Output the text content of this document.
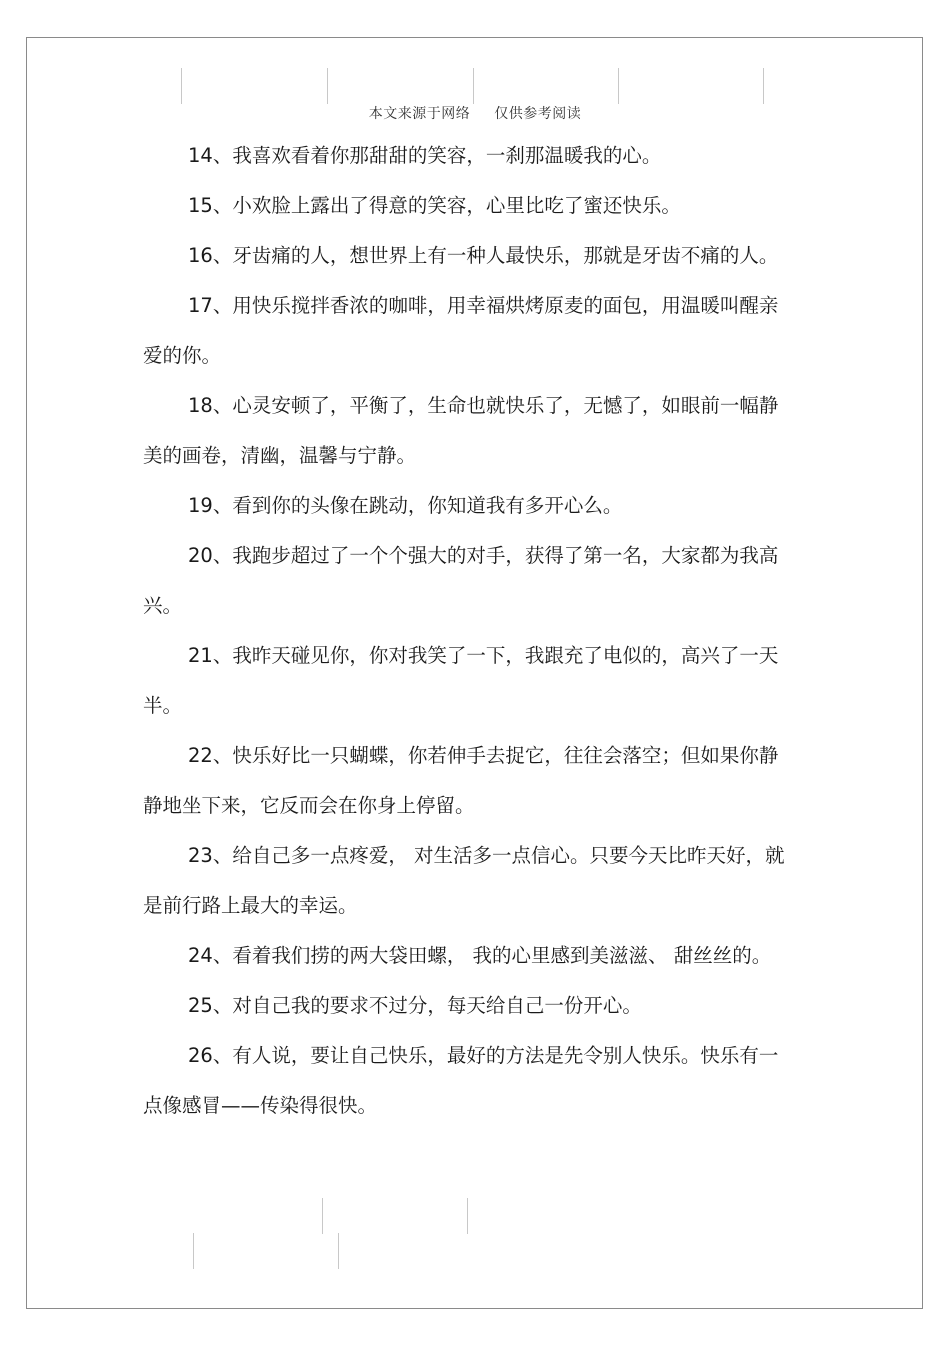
本文来源于网络 仅供参考阅读

14、我喜欢看着你那甜甜的笑容，一刹那温暖我的心。

15、小欢脸上露出了得意的笑容，心里比吃了蜜还快乐。

16、牙齿痛的人，想世界上有一种人最快乐，那就是牙齿不痛的人。

17、用快乐搅拌香浓的咖啡，用幸福烘烤原麦的面包，用温暖叫醒亲爱的你。

18、心灵安顿了，平衡了，生命也就快乐了，无憾了，如眼前一幅静美的画卷，清幽，温馨与宁静。

19、看到你的头像在跳动，你知道我有多开心么。

20、我跑步超过了一个个强大的对手，获得了第一名，大家都为我高兴。

21、我昨天碰见你，你对我笑了一下，我跟充了电似的，高兴了一天半。

22、快乐好比一只蝴蝶，你若伸手去捉它，往往会落空；但如果你静静地坐下来，它反而会在你身上停留。

23、给自己多一点疼爱， 对生活多一点信心。只要今天比昨天好，就是前行路上最大的幸运。

24、看着我们捞的两大袋田螺， 我的心里感到美滋滋、 甜丝丝的。

25、对自己我的要求不过分，每天给自己一份开心。

26、有人说，要让自己快乐，最好的方法是先令别人快乐。快乐有一点像感冒——传染得很快。
